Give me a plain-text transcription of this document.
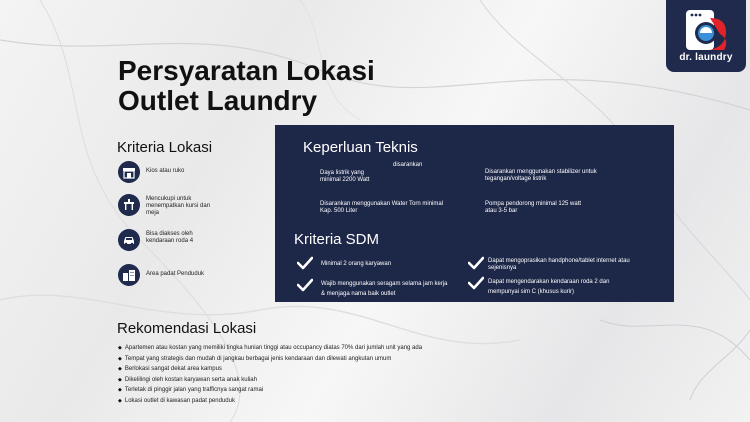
dr. laundry
Persyaratan Lokasi
Outlet Laundry
Kriteria Lokasi
Kios atau ruko
Mencukupi untuk menempatkan kursi dan meja
Bisa diakses oleh kendaraan roda 4
Area padat Penduduk
Keperluan Teknis
disarankan
Daya listrik yang minimal 2200 Watt
Disarankan menggunakan stabilizer untuk tegangan/voltage listrik
Disarankan menggunakan Water Torn minimal Kap. 500 Liter
Pompa pendorong minimal 125 watt atau 3-5 bar
Kriteria SDM
Minimal 2 orang karyawan	Dapat mengoprasikan handphone/tablet internet atau sejenisnya
Wajib menggunakan seragam selama jam kerja & menjaga nama baik outlet
Dapat mengendarakan kendaraan roda 2 dan mempunyai sim C (khusus kurir)
Rekomendasi Lokasi
◆ Apartemen atau kostan yang memiliki tingka hunian tinggi atau occupancy diatas 70% dari jumlah unit yang ada
◆ Tempat yang strategis dan mudah di jangkau berbagai jenis kendaraan dan dilewati angkutan umum
◆ Berlokasi sangat dekat area kampus
◆ Dikelilingi oleh kostan karyawan serta anak kuliah
◆ Terletak di pinggir jalan yang trafficnya sangat ramai
◆ Lokasi outlet di kawasan padat penduduk
